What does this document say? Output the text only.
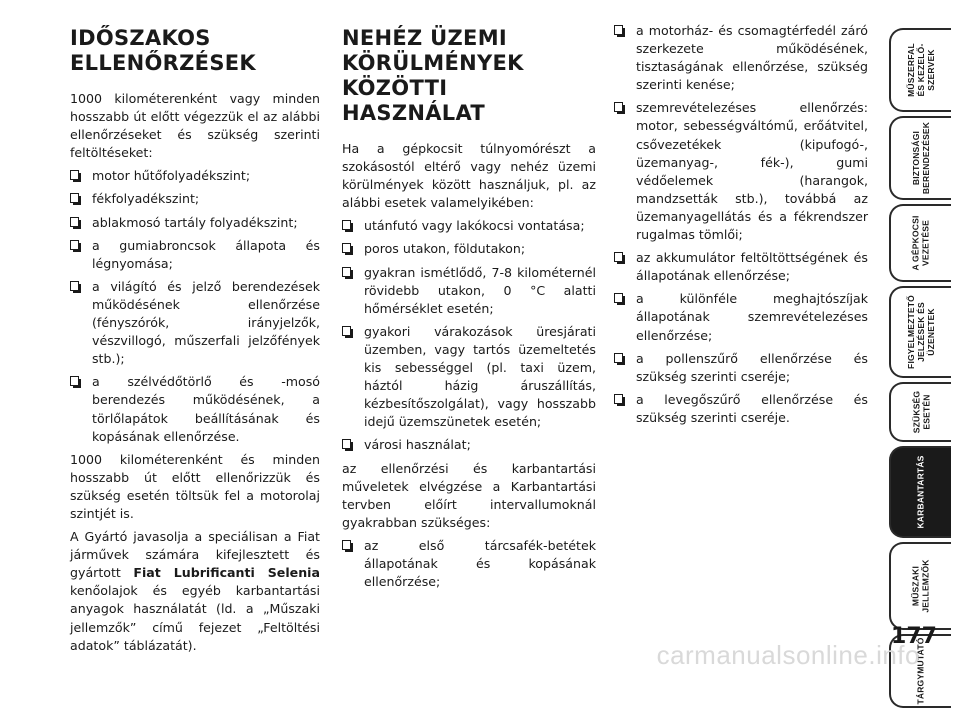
IDŐSZAKOS
ELLENŐRZÉSEK

1000 kilométerenként vagy minden hosszabb út előtt végezzük el az alábbi ellenőrzéseket és szükség szerinti feltöltéseket:

motor hűtőfolyadékszint;
fékfolyadékszint;
ablakmosó tartály folyadékszint;
a gumiabroncsok állapota és légnyomása;
a világító és jelző berendezések működésének ellenőrzése (fényszórók, irányjelzők, vészvillogó, műszerfali jelzőfények stb.);
a szélvédőtörlő és -mosó berendezés működésének, a törlőlapátok beállításának és kopásának ellenőrzése.

1000 kilométerenként és minden hosszabb út előtt ellenőrizzük és szükség esetén töltsük fel a motorolaj szintjét is.

A Gyártó javasolja a speciálisan a Fiat járművek számára kifejlesztett és gyártott Fiat Lubrificanti Selenia kenőolajok és egyéb karbantartási anyagok használatát (ld. a „Műszaki jellemzők” című fejezet „Feltöltési adatok” táblázatát).

NEHÉZ ÜZEMI
KÖRÜLMÉNYEK
KÖZÖTTI HASZNÁLAT

Ha a gépkocsit túlnyomórészt a szokásostól eltérő vagy nehéz üzemi körülmények között használjuk, pl. az alábbi esetek valamelyikében:

utánfutó vagy lakókocsi vontatása;
poros utakon, földutakon;
gyakran ismétlődő, 7-8 kilométernél rövidebb utakon, 0 °C alatti hőmérséklet esetén;
gyakori várakozások üresjárati üzemben, vagy tartós üzemeltetés kis sebességgel (pl. taxi üzem, háztól házig áruszállítás, kézbesítőszolgálat), vagy hosszabb idejű üzemszünetek esetén;
városi használat;

az ellenőrzési és karbantartási műveletek elvégzése a Karbantartási tervben előírt intervallumoknál gyakrabban szükséges:

az első tárcsafék-betétek állapotának és kopásának ellenőrzése;
a motorház- és csomagtérfedél záró szerkezete működésének, tisztaságának ellenőrzése, szükség szerinti kenése;
szemrevételezéses ellenőrzés: motor, sebességváltómű, erőátvitel, csővezetékek (kipufogó-, üzemanyag-, fék-), gumi védőelemek (harangok, mandzsetták stb.), továbbá az üzemanyagellátás és a fékrendszer rugalmas tömlői;
az akkumulátor feltöltöttségének és állapotának ellenőrzése;
a különféle meghajtószíjak állapotának szemrevételezéses ellenőrzése;
a pollenszűrő ellenőrzése és szükség szerinti cseréje;
a levegőszűrő ellenőrzése és szükség szerinti cseréje.
MŰSZERFAL
ÉS KEZELŐ-
SZERVEK
BIZTONSÁGI
BERENDEZÉSEK
A GÉPKOCSI
VEZETÉSE
FIGYELMEZTETŐ
JELZÉSEK ÉS
ÜZENETEK
SZÜKSÉG
ESETÉN
KARBANTARTÁS
MŰSZAKI
JELLEMZŐK
TÁRGYMUTATÓ
177
carmanualsonline.info
